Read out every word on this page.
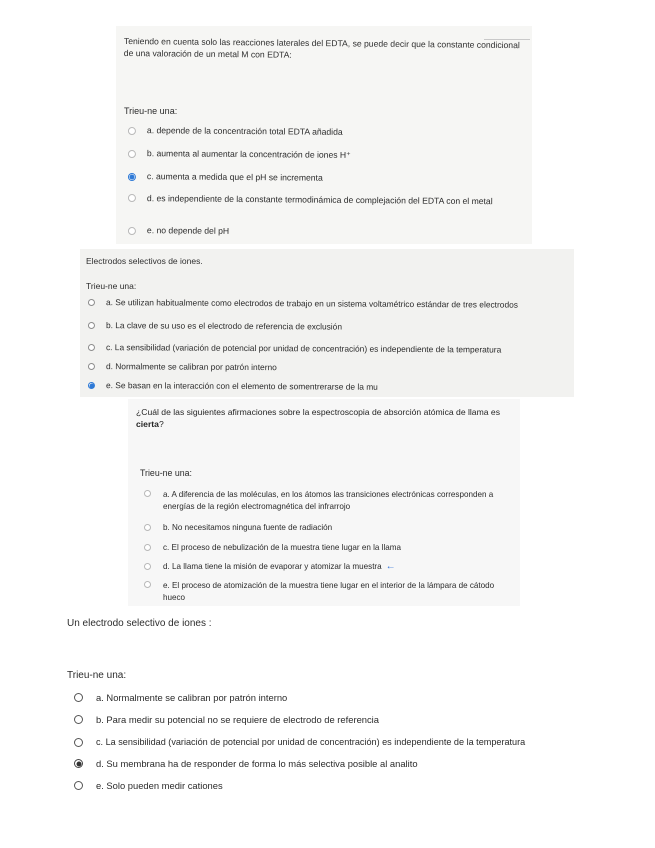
Teniendo en cuenta solo las reacciones laterales del EDTA, se puede decir que la constante condicional de una valoración de un metal M con EDTA:

Trieu-ne una:

a. depende de la concentración total EDTA añadida
b. aumenta al aumentar la concentración de iones H⁺
c. aumenta a medida que el pH se incrementa
d. es independiente de la constante termodinámica de complejación del EDTA con el metal
e. no depende del pH

Electrodos selectivos de iones.

Trieu-ne una:

a. Se utilizan habitualmente como electrodos de trabajo en un sistema voltamétrico estándar de tres electrodos
b. La clave de su uso es el electrodo de referencia de exclusión
c. La sensibilidad (variación de potencial por unidad de concentración) es independiente de la temperatura
d. Normalmente se calibran por patrón interno
e. Se basan en la interacción con el elemento de somentrerarse de la mu

¿Cuál de las siguientes afirmaciones sobre la espectroscopia de absorción atómica de llama es cierta?

Trieu-ne una:

a. A diferencia de las moléculas, en los átomos las transiciones electrónicas corresponden a energías de la región electromagnética del infrarrojo
b. No necesitamos ninguna fuente de radiación
c. El proceso de nebulización de la muestra tiene lugar en la llama
d. La llama tiene la misión de evaporar y atomizar la muestra ←
e. El proceso de atomización de la muestra tiene lugar en el interior de la lámpara de cátodo hueco

Un electrodo selectivo de iones :

Trieu-ne una:

a. Normalmente se calibran por patrón interno
b. Para medir su potencial no se requiere de electrodo de referencia
c. La sensibilidad (variación de potencial por unidad de concentración) es independiente de la temperatura
d. Su membrana ha de responder de forma lo más selectiva posible al analito
e. Solo pueden medir cationes
